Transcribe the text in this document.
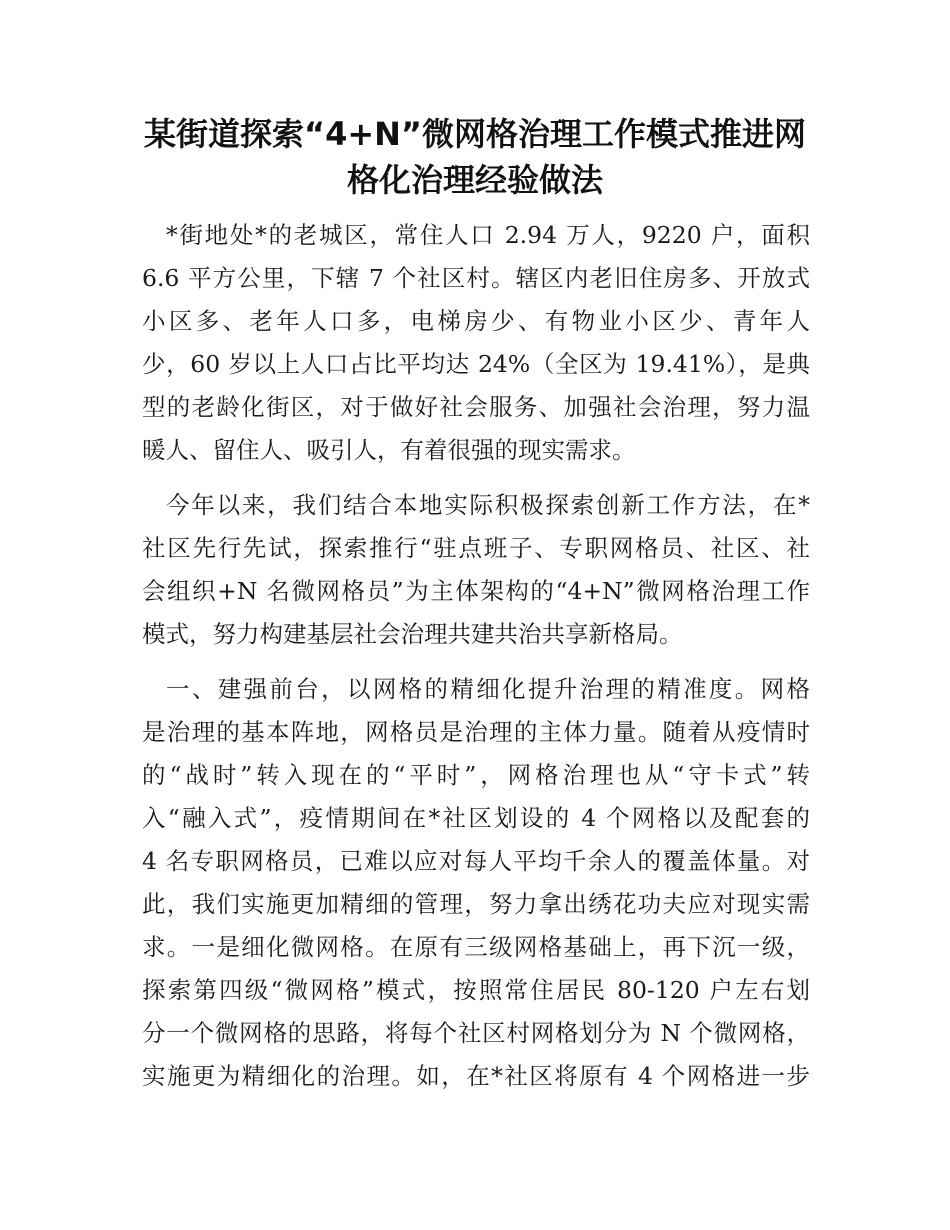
某街道探索“4+N”微网格治理工作模式推进网
格化治理经验做法

*街地处*的老城区，常住人口 2.94 万人，9220 户，面积

6.6 平方公里，下辖 7 个社区村。辖区内老旧住房多、开放式

小区多、老年人口多，电梯房少、有物业小区少、青年人

少，60 岁以上人口占比平均达 24%（全区为 19.41%），是典

型的老龄化街区，对于做好社会服务、加强社会治理，努力温

暖人、留住人、吸引人，有着很强的现实需求。

今年以来，我们结合本地实际积极探索创新工作方法，在*

社区先行先试，探索推行“驻点班子、专职网格员、社区、社

会组织+N 名微网格员”为主体架构的“4+N”微网格治理工作

模式，努力构建基层社会治理共建共治共享新格局。

一、建强前台，以网格的精细化提升治理的精准度。网格

是治理的基本阵地，网格员是治理的主体力量。随着从疫情时

的“战时”转入现在的“平时”，网格治理也从“守卡式”转

入“融入式”，疫情期间在*社区划设的 4 个网格以及配套的

4 名专职网格员，已难以应对每人平均千余人的覆盖体量。对

此，我们实施更加精细的管理，努力拿出绣花功夫应对现实需

求。一是细化微网格。在原有三级网格基础上，再下沉一级，

探索第四级“微网格”模式，按照常住居民 80-120 户左右划

分一个微网格的思路，将每个社区村网格划分为 N 个微网格，

实施更为精细化的治理。如，在*社区将原有 4 个网格进一步
